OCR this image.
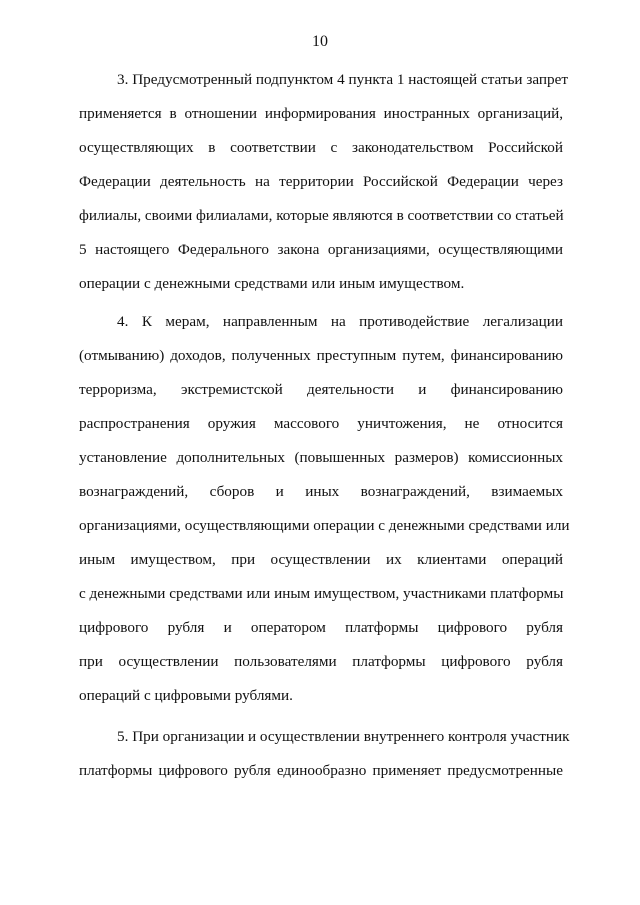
10
3. Предусмотренный подпунктом 4 пункта 1 настоящей статьи запрет
применяется в отношении информирования иностранных организаций,
осуществляющих в соответствии с законодательством Российской
Федерации деятельность на территории Российской Федерации через
филиалы, своими филиалами, которые являются в соответствии со статьей
5 настоящего Федерального закона организациями, осуществляющими
операции с денежными средствами или иным имуществом.
4. К мерам, направленным на противодействие легализации
(отмыванию) доходов, полученных преступным путем, финансированию
терроризма, экстремистской деятельности и финансированию
распространения оружия массового уничтожения, не относится
установление дополнительных (повышенных размеров) комиссионных
вознаграждений, сборов и иных вознаграждений, взимаемых
организациями, осуществляющими операции с денежными средствами или
иным имуществом, при осуществлении их клиентами операций
с денежными средствами или иным имуществом, участниками платформы
цифрового рубля и оператором платформы цифрового рубля
при осуществлении пользователями платформы цифрового рубля
операций с цифровыми рублями.
5. При организации и осуществлении внутреннего контроля участник
платформы цифрового рубля единообразно применяет предусмотренные
